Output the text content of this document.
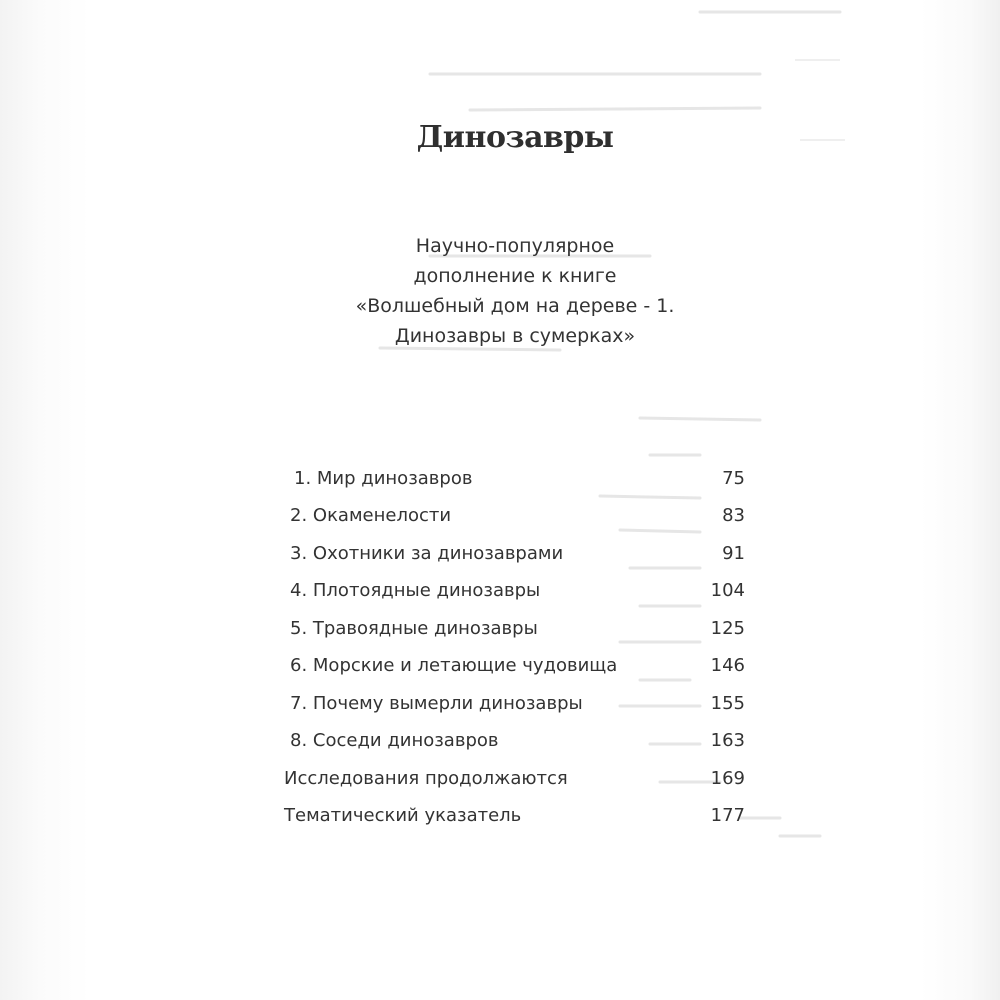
Динозавры
Научно-популярное
дополнение к книге
«Волшебный дом на дереве - 1.
Динозавры в сумерках»
1. Мир динозавров	75
2. Окаменелости	83
3. Охотники за динозаврами	91
4. Плотоядные динозавры	104
5. Травоядные динозавры	125
6. Морские и летающие чудовища	146
7. Почему вымерли динозавры	155
8. Соседи динозавров	163
Исследования продолжаются	169
Тематический указатель	177
